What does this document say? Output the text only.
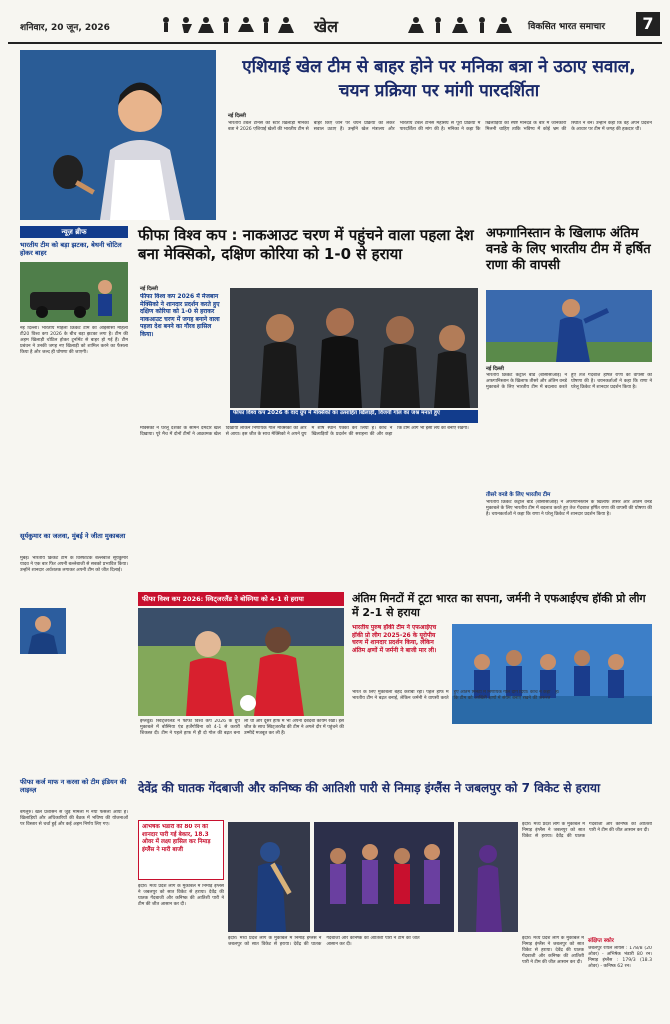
शनिवार, 20 जून, 2026	खेल	विकसित भारत समाचार	7
एशियाई खेल टीम से बाहर होने पर मनिका बत्रा ने उठाए सवाल, चयन प्रक्रिया पर मांगी पारदर्शिता
नई दिल्ली
भारतीय टेबल टेनिस की स्टार खिलाड़ी मनिका बत्रा ने 2026 एशियाई खेलों की भारतीय टीम से बाहर किए जाने पर चयन प्रक्रिया को लेकर सवाल उठाए हैं। उन्होंने खेल मंत्रालय और भारतीय टेबल टेनिस महासंघ से पूरी प्रक्रिया में पारदर्शिता की मांग की है। मनिका ने कहा कि खिलाड़ियों को स्पष्ट मानदंड के बारे में जानकारी मिलनी चाहिए ताकि भविष्य में कोई भ्रम की स्थिति न बने। उन्होंने कहा कि वह अपने प्रदर्शन के आधार पर टीम में जगह की हकदार थीं।
न्यूज़ ब्रीफ
भारतीय टीम को बड़ा झटका, बेथनी चोटिल होकर बाहर
नई दिल्ली। भारतीय महिला क्रिकेट टीम को आईसीसी महिला टी20 विश्व कप 2026 के बीच बड़ा झटका लगा है। टीम की अहम खिलाड़ी चोटिल होकर टूर्नामेंट से बाहर हो गई हैं। टीम प्रबंधन ने उनकी जगह नए खिलाड़ी को शामिल करने का फैसला किया है और जल्द ही घोषणा की जाएगी।
सूर्यकुमार का जलवा, मुंबई ने जीता मुकाबला
मुंबई। भारतीय क्रिकेट टीम के विस्फोटक बल्लेबाज सूर्यकुमार यादव ने एक बार फिर अपनी बल्लेबाजी से सबको प्रभावित किया। उन्होंने शानदार अर्धशतक लगाकर अपनी टीम को जीत दिलाई।
फीफा कर्ज माफ न करवा को टीम इंडियन की लाइव्ज़
बेंगलुरु। खेल प्रशासन से जुड़े मामलों में नया फैसला आया है। खिलाड़ियों और अधिकारियों की बैठक में भविष्य की योजनाओं पर विस्तार से चर्चा हुई और कई अहम निर्णय लिए गए।
फीफा विश्व कप : नाकआउट चरण में पहुंचने वाला पहला देश बना मेक्सिको, दक्षिण कोरिया को 1-0 से हराया
नई दिल्ली
फीफा विश्व कप 2026 में मेजबान मेक्सिको ने शानदार प्रदर्शन करते हुए दक्षिण कोरिया को 1-0 से हराकर नाकआउट चरण में जगह बनाने वाला पहला देश बनने का गौरव हासिल किया।
फीफा विश्व कप 2026 के वाद ग्रुप में मेक्सिको का उत्साहित खिलाड़ी, विजयी गोल का जश्न मनाते हुए
मेक्सिको ने घरेलू दर्शकों के सामने दमदार खेल दिखाया। पूरे मैच में दोनों टीमों ने आक्रामक खेल दिखाया लेकिन निर्णायक गोल मेक्सिको की ओर से आया। इस जीत के साथ मेक्सिको ने अपने ग्रुप में शीर्ष स्थान पक्का कर लिया है। कोच ने खिलाड़ियों के प्रदर्शन की सराहना की और कहा कि टीम आगे भी इसी लय को बनाए रखेगी।
अफगानिस्तान के खिलाफ अंतिम वनडे के लिए भारतीय टीम में हर्षित राणा की वापसी
नई दिल्ली
भारतीय क्रिकेट कंट्रोल बोर्ड (बीसीसीआई) ने अफगानिस्तान के खिलाफ तीसरे और अंतिम वनडे मुकाबले के लिए भारतीय टीम में बदलाव करते हुए तेज गेंदबाज हर्षित राणा की वापसी की घोषणा की है। चयनकर्ताओं ने कहा कि राणा ने घरेलू क्रिकेट में शानदार प्रदर्शन किया है।
तीसरे वनडे के लिए भारतीय टीम
भारतीय क्रिकेट कंट्रोल बोर्ड (बीसीसीआई) ने अफगानिस्तान के खिलाफ तीसरे और अंतिम वनडे मुकाबले के लिए भारतीय टीम में बदलाव करते हुए तेज गेंदबाज हर्षित राणा की वापसी की घोषणा की है। चयनकर्ताओं ने कहा कि राणा ने घरेलू क्रिकेट में शानदार प्रदर्शन किया है।
फीफा विश्व कप 2026: स्विट्जरलैंड ने बोस्निया को 4-1 से हराया
इंग्लवुड। स्विट्जरलैंड ने फीफा विश्व कप 2026 के ग्रुप मुकाबले में बोस्निया एंड हर्जेगोविना को 4-1 से करारी शिकस्त दी। टीम ने पहले हाफ में ही दो गोल की बढ़त बना ली थी और दूसरे हाफ में भी अपना दबदबा कायम रखा। इस जीत के साथ स्विट्जरलैंड की टीम ने अगले दौर में पहुंचने की उम्मीदें मजबूत कर ली हैं।
अंतिम मिनटों में टूटा भारत का सपना, जर्मनी ने एफआईएच हॉकी प्रो लीग में 2-1 से हराया
भारतीय पुरुष हॉकी टीम ने एफआईएच हॉकी प्रो लीग 2025-26 के यूरोपीय चरण में शानदार प्रदर्शन किया, लेकिन अंतिम क्षणों में जर्मनी ने बाजी मार ली।
भारत के लिए मुकाबला बेहद करीबी रहा। पहले हाफ में भारतीय टीम ने बढ़त बनाई, लेकिन जर्मनी ने वापसी करते हुए अंतिम मिनटों में निर्णायक गोल दाग दिया। कोच ने कहा कि टीम को आखिरी क्षणों में संयम बनाए रखने की जरूरत है।
देवेंद्र की घातक गेंदबाजी और कनिष्क की आतिशी पारी से निमाड़ इंग्लैंस ने जबलपुर को 7 विकेट से हराया
अभिषेक भंडारी की 80 रन की शानदार पारी गई बेकार, 18.3 ओवर में लक्ष्य हासिल कर निमाड़ इंग्लैंस ने मारी बाजी
इंदौर। मध्य प्रदेश लीग के मुकाबले में निमाड़ इंग्लैंस ने जबलपुर को सात विकेट से हराया। देवेंद्र की घातक गेंदबाजी और कनिष्क की आतिशी पारी ने टीम की जीत आसान कर दी।
इंदौर। मध्य प्रदेश लीग के मुकाबले में निमाड़ इंग्लैंस ने जबलपुर को सात विकेट से हराया। देवेंद्र की घातक गेंदबाजी और कनिष्क की आतिशी पारी ने टीम की जीत आसान कर दी।
इंदौर। मध्य प्रदेश लीग के मुकाबले में निमाड़ इंग्लैंस ने जबलपुर को सात विकेट से हराया। देवेंद्र की घातक गेंदबाजी और कनिष्क की आतिशी पारी ने टीम की जीत आसान कर दी।
संक्षिप्त स्कोर
जबलपुर रायल लायंस : 178/8 (20 ओवर) - अभिषेक भंडारी 80 रन। निमाड़ इंग्लैंस : 179/3 (18.3 ओवर) - कनिष्क 62 रन।
इंदौर। मध्य प्रदेश लीग के मुकाबले में निमाड़ इंग्लैंस ने जबलपुर को सात विकेट से हराया। देवेंद्र की घातक गेंदबाजी और कनिष्क की आतिशी पारी ने टीम की जीत आसान कर दी।
